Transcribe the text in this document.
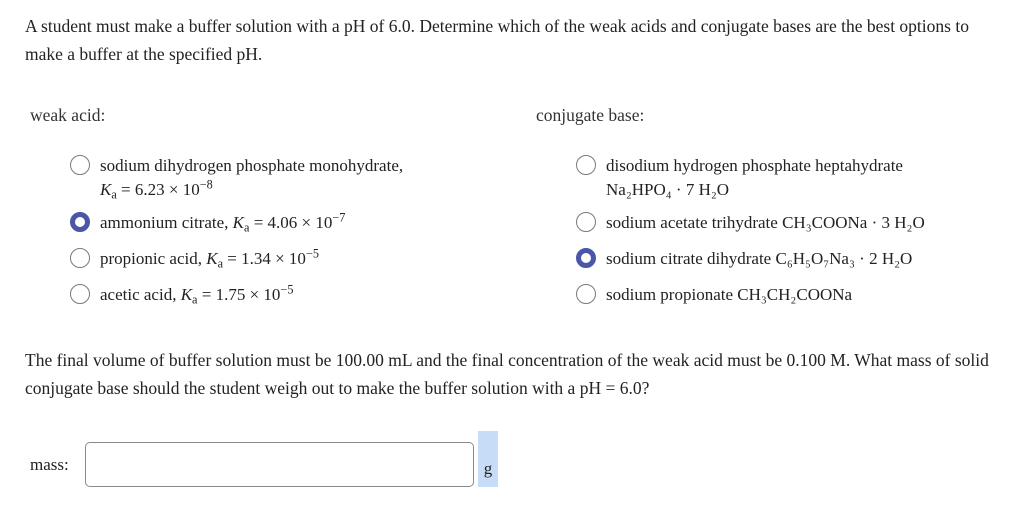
A student must make a buffer solution with a pH of 6.0. Determine which of the weak acids and conjugate bases are the best options to make a buffer at the specified pH.

weak acid:	conjugate base:
sodium dihydrogen phosphate monohydrate,
$K_a = 6.23 \times 10^{-8}$
ammonium citrate, $K_a = 4.06 \times 10^{-7}$
propionic acid, $K_a = 1.34 \times 10^{-5}$
acetic acid, $K_a = 1.75 \times 10^{-5}$
disodium hydrogen phosphate heptahydrate
Na₂HPO₄ · 7 H₂O
sodium acetate trihydrate CH₃COONa · 3 H₂O
sodium citrate dihydrate C₆H₅O₇Na₃ · 2 H₂O
sodium propionate CH₃CH₂COONa

The final volume of buffer solution must be 100.00 mL and the final concentration of the weak acid must be 0.100 M. What mass of solid conjugate base should the student weigh out to make the buffer solution with a pH = 6.0?

mass:	g
